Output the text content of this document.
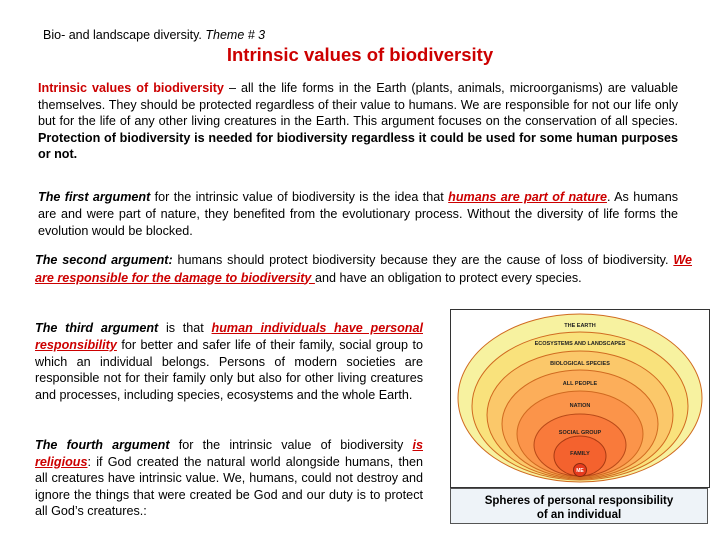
Bio- and landscape diversity. Theme # 3
Intrinsic values of biodiversity
Intrinsic values of biodiversity – all the life forms in the Earth (plants, animals, microorganisms) are valuable themselves. They should be protected regardless of their value to humans. We are responsible for not our life only but for the life of any other living creatures in the Earth. This argument focuses on the conservation of all species. Protection of biodiversity is needed for biodiversity regardless it could be used for some human purposes or not.
The first argument for the intrinsic value of biodiversity is the idea that humans are part of nature. As humans are and were part of nature, they benefited from the evolutionary process. Without the diversity of life forms the evolution would be blocked.
The second argument: humans should protect biodiversity because they are the cause of loss of biodiversity. We are responsible for the damage to biodiversity and have an obligation to protect every species.
The third argument is that human individuals have personal responsibility for better and safer life of their family, social group to which an individual belongs. Persons of modern societies are responsible not for their family only but also for other living creatures and processes, including species, ecosystems and the whole Earth.
The fourth argument for the intrinsic value of biodiversity is religious: if God created the natural world alongside humans, then all creatures have intrinsic value. We, humans, could not destroy and ignore the things that were created be God and our duty is to protect all God’s creatures.:
THE EARTH
ECOSYSTEMS AND LANDSCAPES
BIOLOGICAL SPECIES
ALL PEOPLE
NATION
SOCIAL GROUP
FAMILY
ME
Spheres of personal responsibility
of an individual
